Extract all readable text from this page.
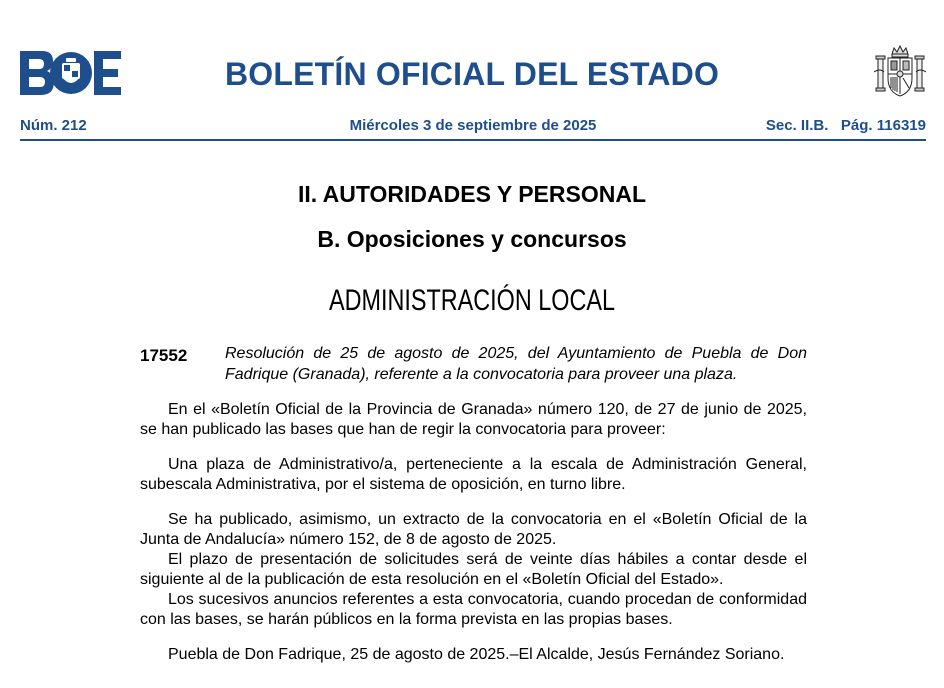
BOLETÍN OFICIAL DEL ESTADO
Núm. 212	Miércoles 3 de septiembre de 2025	Sec. II.B.   Pág. 116319
II. AUTORIDADES Y PERSONAL
B. Oposiciones y concursos
ADMINISTRACIÓN LOCAL
17552 Resolución de 25 de agosto de 2025, del Ayuntamiento de Puebla de Don Fadrique (Granada), referente a la convocatoria para proveer una plaza.

En el «Boletín Oficial de la Provincia de Granada» número 120, de 27 de junio de 2025, se han publicado las bases que han de regir la convocatoria para proveer:

Una plaza de Administrativo/a, perteneciente a la escala de Administración General, subescala Administrativa, por el sistema de oposición, en turno libre.

Se ha publicado, asimismo, un extracto de la convocatoria en el «Boletín Oficial de la Junta de Andalucía» número 152, de 8 de agosto de 2025.

El plazo de presentación de solicitudes será de veinte días hábiles a contar desde el siguiente al de la publicación de esta resolución en el «Boletín Oficial del Estado».

Los sucesivos anuncios referentes a esta convocatoria, cuando procedan de conformidad con las bases, se harán públicos en la forma prevista en las propias bases.

Puebla de Don Fadrique, 25 de agosto de 2025.–El Alcalde, Jesús Fernández Soriano.
